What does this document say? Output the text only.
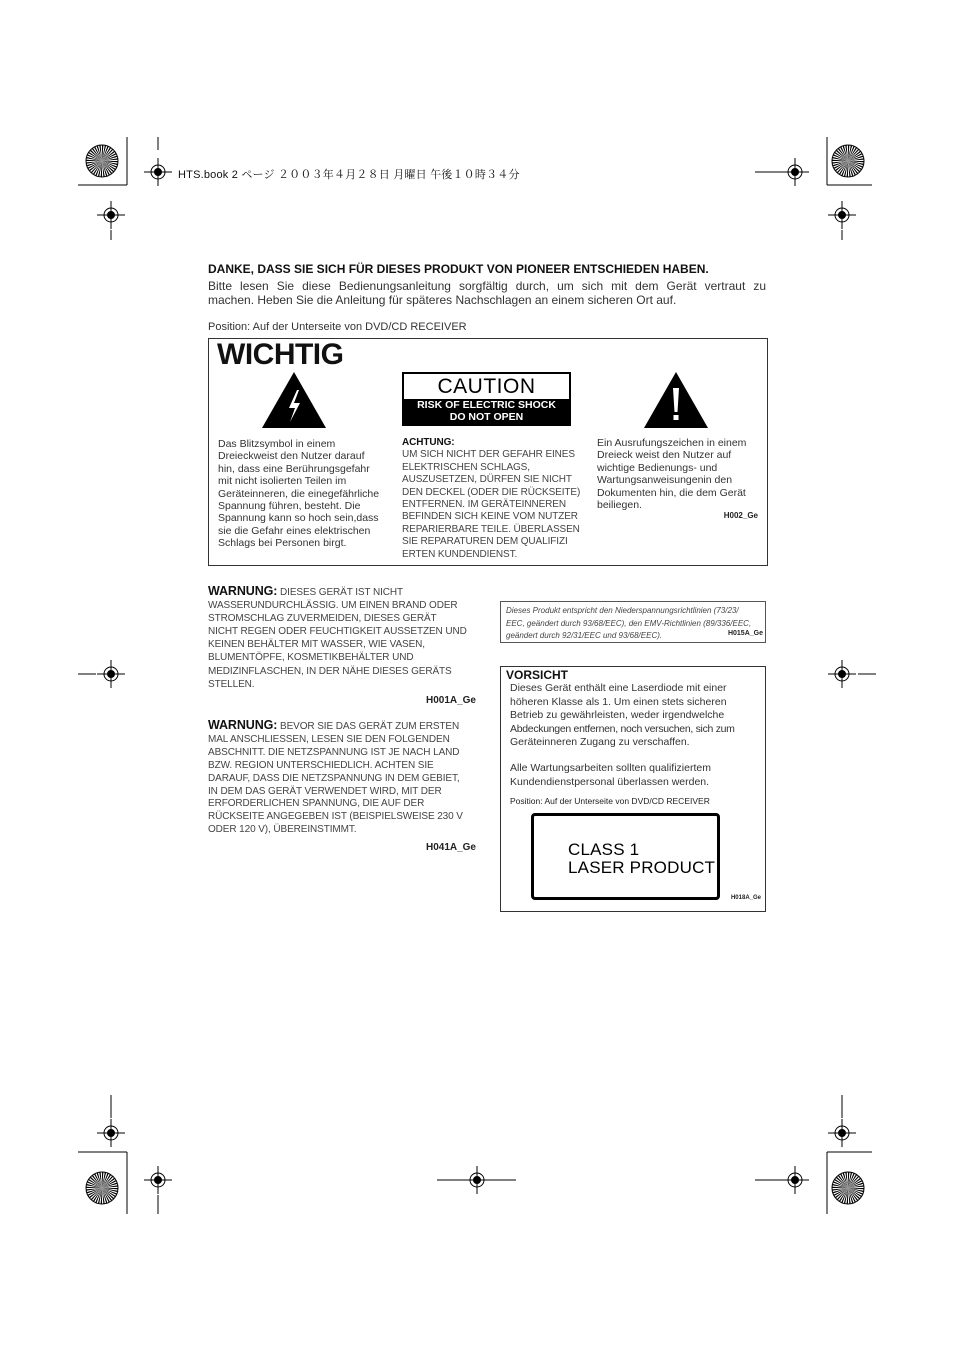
HTS.book 2 ページ ２００３年４月２８日 月曜日 午後１０時３４分
DANKE, DASS SIE SICH FÜR DIESES PRODUKT VON PIONEER ENTSCHIEDEN HABEN.
Bitte lesen Sie diese Bedienungsanleitung sorgfältig durch, um sich mit dem Gerät vertraut zu
machen. Heben Sie die Anleitung für späteres Nachschlagen an einem sicheren Ort auf.
Position: Auf der Unterseite von DVD/CD RECEIVER
WICHTIG
CAUTION
RISK OF ELECTRIC SHOCK
DO NOT OPEN
Das Blitzsymbol in einem
Dreieckweist den Nutzer darauf
hin, dass eine Berührungsgefahr
mit nicht isolierten Teilen im
Geräteinneren, die einegefährliche
Spannung führen, besteht. Die
Spannung kann so hoch sein,dass
sie die Gefahr eines elektrischen
Schlags bei Personen birgt.
ACHTUNG:
UM SICH NICHT DER GEFAHR EINES
ELEKTRISCHEN SCHLAGS,
AUSZUSETZEN, DÜRFEN SIE NICHT
DEN DECKEL (ODER DIE RÜCKSEITE)
ENTFERNEN. IM GERÄTEINNEREN
BEFINDEN SICH KEINE VOM NUTZER
REPARIERBARE TEILE. ÜBERLASSEN
SIE REPARATUREN DEM QUALIFIZI
ERTEN KUNDENDIENST.
Ein Ausrufungszeichen in einem
Dreieck weist den Nutzer auf
wichtige Bedienungs- und
Wartungsanweisungenin den
Dokumenten hin, die dem Gerät
beiliegen.
H002_Ge
WARNUNG: DIESES GERÄT IST NICHT
WASSERUNDURCHLÄSSIG. UM EINEN BRAND ODER
STROMSCHLAG ZUVERMEIDEN, DIESES GERÄT
NICHT REGEN ODER FEUCHTIGKEIT AUSSETZEN UND
KEINEN BEHÄLTER MIT WASSER, WIE VASEN,
BLUMENTÖPFE, KOSMETIKBEHÄLTER UND
MEDIZINFLASCHEN, IN DER NÄHE DIESES GERÄTS
STELLEN.
H001A_Ge
WARNUNG: BEVOR SIE DAS GERÄT ZUM ERSTEN
MAL ANSCHLIESSEN, LESEN SIE DEN FOLGENDEN
ABSCHNITT. DIE NETZSPANNUNG IST JE NACH LAND
BZW. REGION UNTERSCHIEDLICH. ACHTEN SIE
DARAUF, DASS DIE NETZSPANNUNG IN DEM GEBIET,
IN DEM DAS GERÄT VERWENDET WIRD, MIT DER
ERFORDERLICHEN SPANNUNG, DIE AUF DER
RÜCKSEITE ANGEGEBEN IST (BEISPIELSWEISE 230 V
ODER 120 V), ÜBEREINSTIMMT.
H041A_Ge
Dieses Produkt entspricht den Niederspannungsrichtlinien (73/23/
EEC, geändert durch 93/68/EEC), den EMV-Richtlinien (89/336/EEC,
geändert durch 92/31/EEC und 93/68/EEC).	H015A_Ge
VORSICHT
Dieses Gerät enthält eine Laserdiode mit einer
höheren Klasse als 1. Um einen stets sicheren
Betrieb zu gewährleisten, weder irgendwelche
Abdeckungen entfernen, noch versuchen, sich zum
Geräteinneren Zugang zu verschaffen.
Alle Wartungsarbeiten sollten qualifiziertem
Kundendienstpersonal überlassen werden.
Position: Auf der Unterseite von DVD/CD RECEIVER
CLASS 1
LASER PRODUCT
H018A_Ge
